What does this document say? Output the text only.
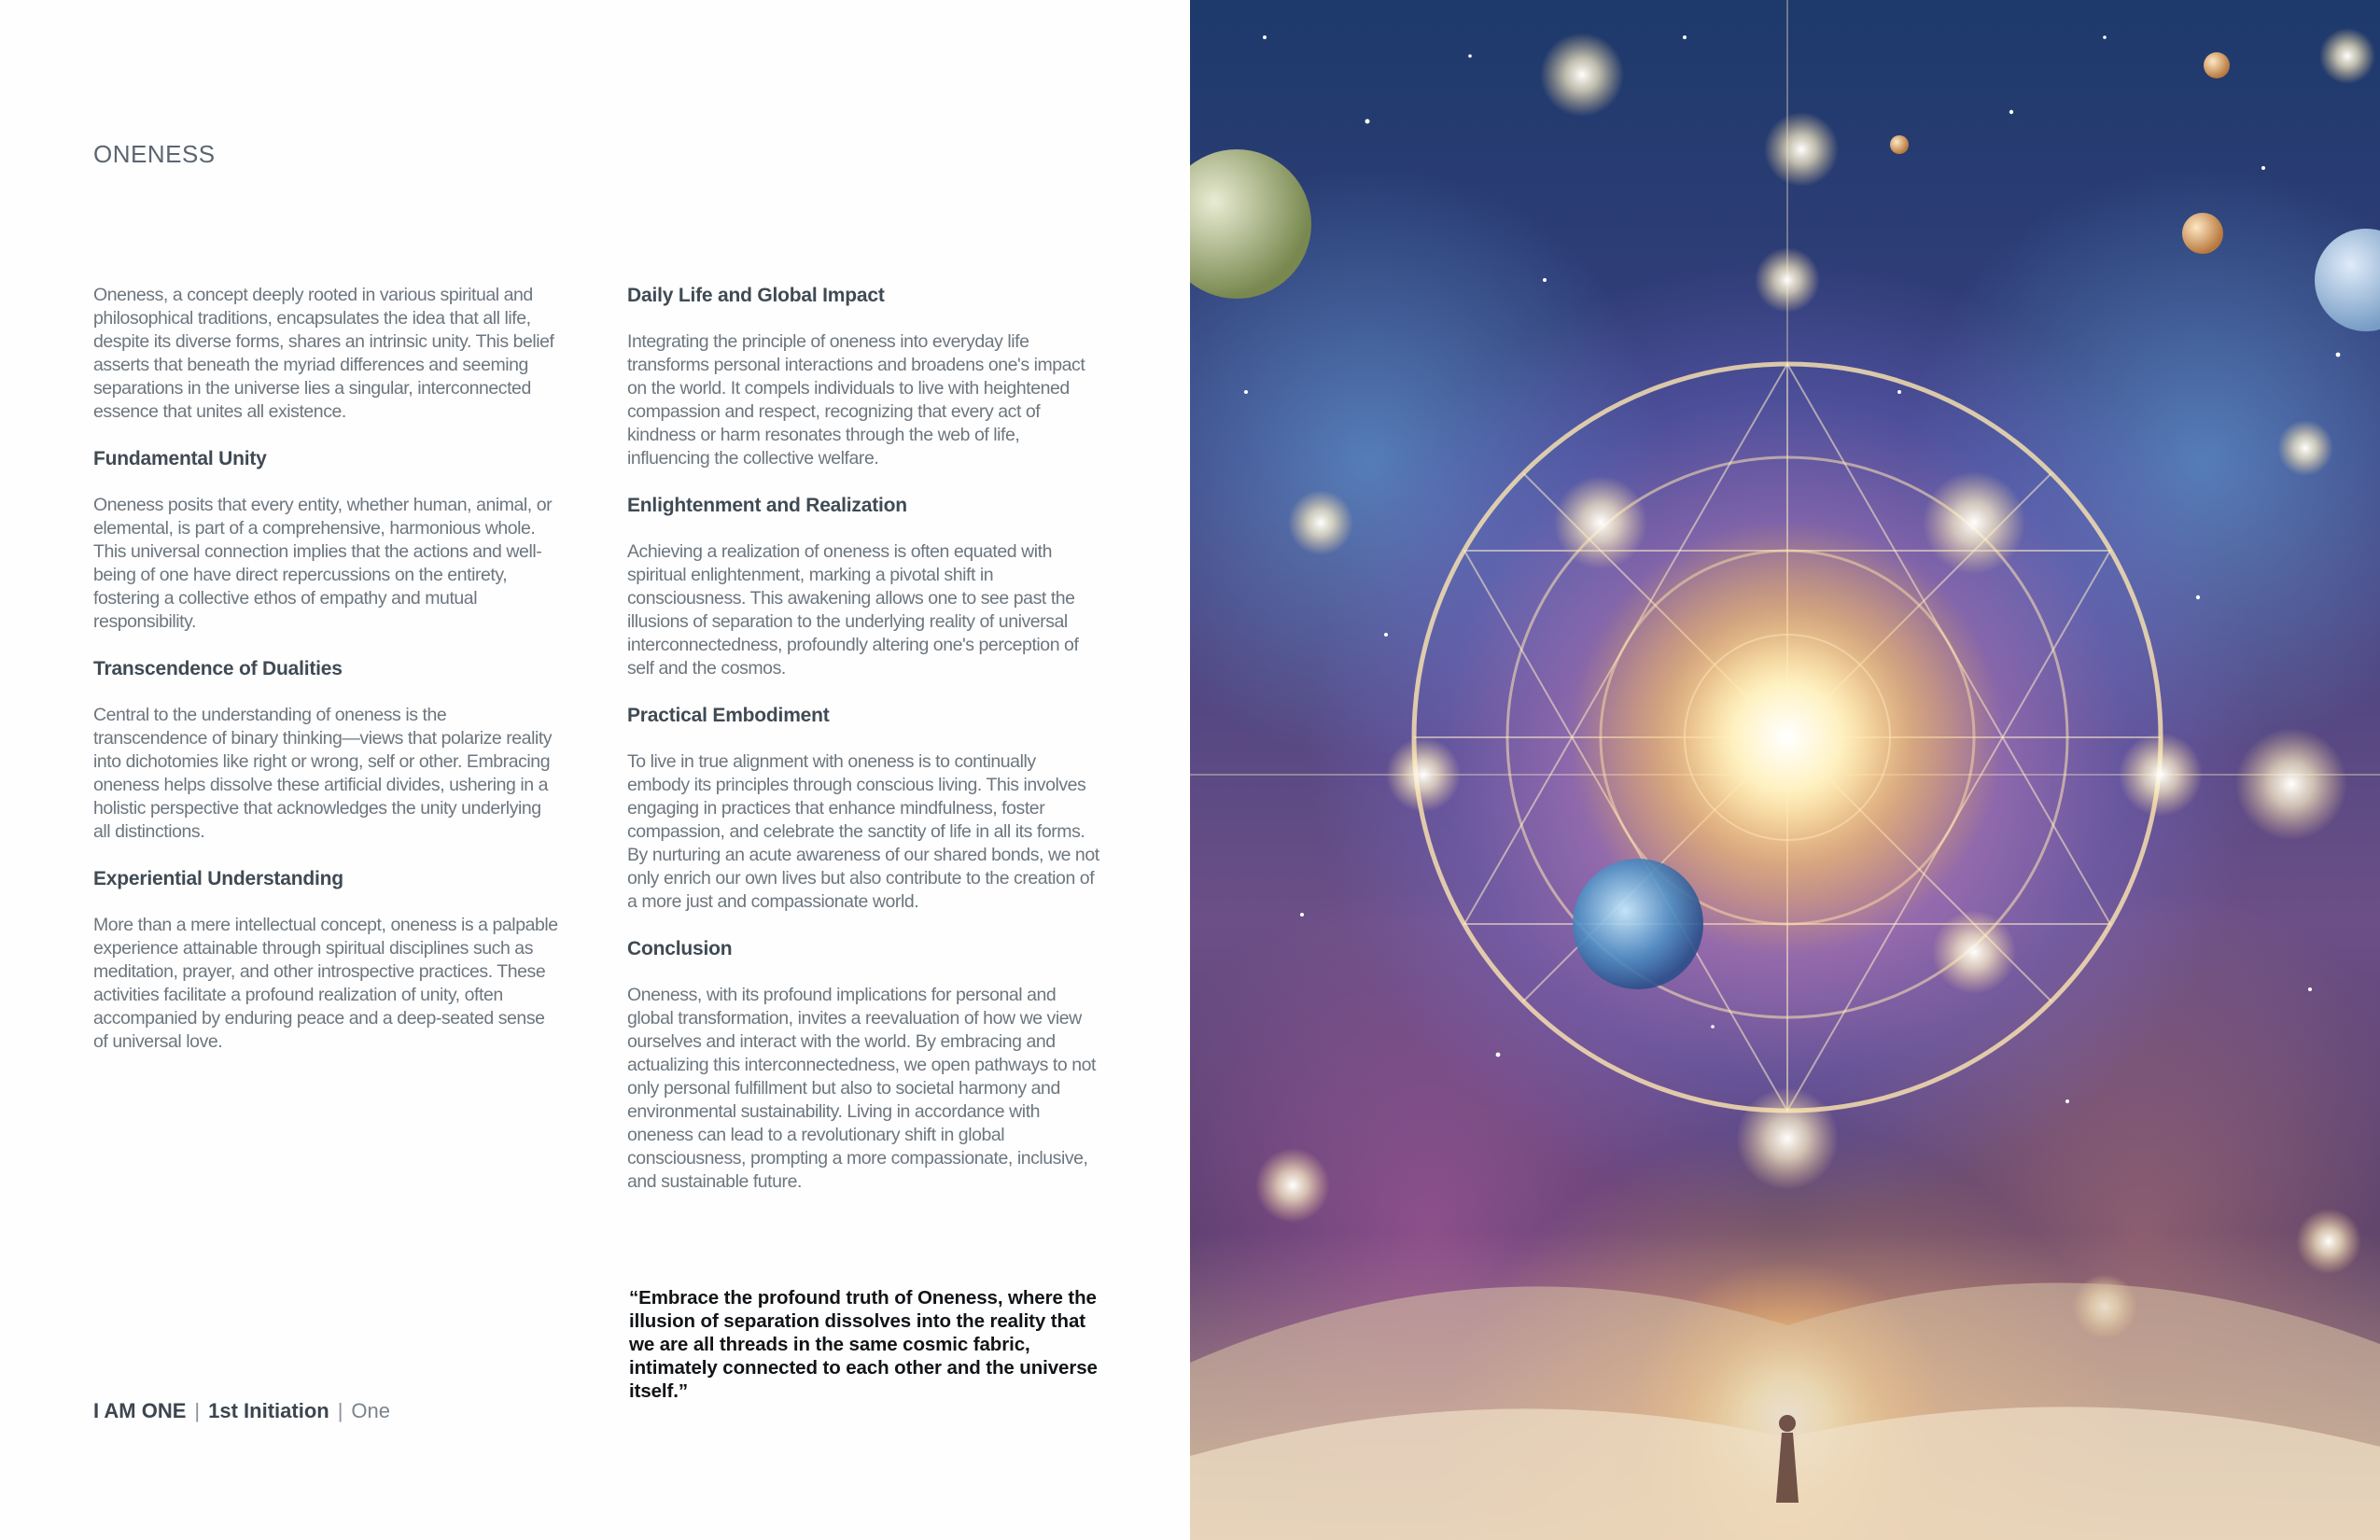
ONENESS

Oneness, a concept deeply rooted in various spiritual and philosophical traditions, encapsulates the idea that all life, despite its diverse forms, shares an intrinsic unity. This belief asserts that beneath the myriad differences and seeming separations in the universe lies a singular, interconnected essence that unites all existence.

Fundamental Unity

Oneness posits that every entity, whether human, animal, or elemental, is part of a comprehensive, harmonious whole. This universal connection implies that the actions and well-being of one have direct repercussions on the entirety, fostering a collective ethos of empathy and mutual responsibility.

Transcendence of Dualities

Central to the understanding of oneness is the transcendence of binary thinking—views that polarize reality into dichotomies like right or wrong, self or other. Embracing oneness helps dissolve these artificial divides, ushering in a holistic perspective that acknowledges the unity underlying all distinctions.

Experiential Understanding

More than a mere intellectual concept, oneness is a palpable experience attainable through spiritual disciplines such as meditation, prayer, and other introspective practices. These activities facilitate a profound realization of unity, often accompanied by enduring peace and a deep-seated sense of universal love.

Daily Life and Global Impact

Integrating the principle of oneness into everyday life transforms personal interactions and broadens one's impact on the world. It compels individuals to live with heightened compassion and respect, recognizing that every act of kindness or harm resonates through the web of life, influencing the collective welfare.

Enlightenment and Realization

Achieving a realization of oneness is often equated with spiritual enlightenment, marking a pivotal shift in consciousness. This awakening allows one to see past the illusions of separation to the underlying reality of universal interconnectedness, profoundly altering one's perception of self and the cosmos.

Practical Embodiment

To live in true alignment with oneness is to continually embody its principles through conscious living. This involves engaging in practices that enhance mindfulness, foster compassion, and celebrate the sanctity of life in all its forms. By nurturing an acute awareness of our shared bonds, we not only enrich our own lives but also contribute to the creation of a more just and compassionate world.

Conclusion

Oneness, with its profound implications for personal and global transformation, invites a reevaluation of how we view ourselves and interact with the world. By embracing and actualizing this interconnectedness, we open pathways to not only personal fulfillment but also to societal harmony and environmental sustainability. Living in accordance with oneness can lead to a revolutionary shift in global consciousness, prompting a more compassionate, inclusive, and sustainable future.

“Embrace the profound truth of Oneness, where the illusion of separation dissolves into the reality that we are all threads in the same cosmic fabric, intimately connected to each other and the universe itself.”

I AM ONE | 1st Initiation | One
